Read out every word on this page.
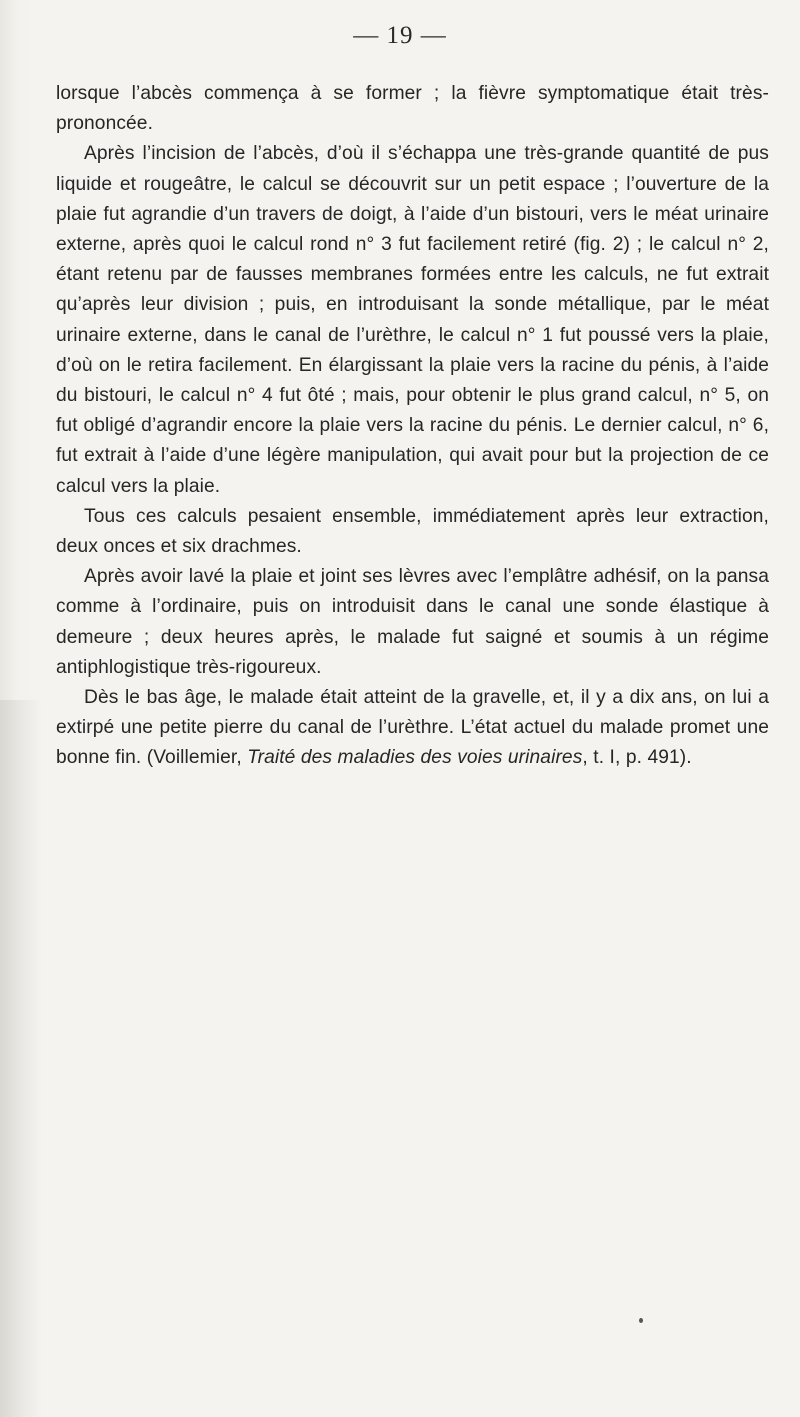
— 19 —

lorsque l’abcès commença à se former ; la fièvre symptomatique était très-prononcée.

Après l’incision de l’abcès, d’où il s’échappa une très-grande quantité de pus liquide et rougeâtre, le calcul se découvrit sur un petit espace ; l’ouverture de la plaie fut agrandie d’un travers de doigt, à l’aide d’un bistouri, vers le méat urinaire externe, après quoi le calcul rond n° 3 fut facilement retiré (fig. 2) ; le calcul n° 2, étant retenu par de fausses membranes formées entre les calculs, ne fut extrait qu’après leur division ; puis, en introduisant la sonde métallique, par le méat urinaire externe, dans le canal de l’urèthre, le calcul n° 1 fut poussé vers la plaie, d’où on le retira facilement. En élargissant la plaie vers la racine du pénis, à l’aide du bistouri, le calcul n° 4 fut ôté ; mais, pour obtenir le plus grand calcul, n° 5, on fut obligé d’agrandir encore la plaie vers la racine du pénis. Le dernier calcul, n° 6, fut extrait à l’aide d’une légère manipulation, qui avait pour but la projection de ce calcul vers la plaie.

Tous ces calculs pesaient ensemble, immédiatement après leur extraction, deux onces et six drachmes.

Après avoir lavé la plaie et joint ses lèvres avec l’emplâtre adhésif, on la pansa comme à l’ordinaire, puis on introduisit dans le canal une sonde élastique à demeure ; deux heures après, le malade fut saigné et soumis à un régime antiphlogistique très-rigoureux.

Dès le bas âge, le malade était atteint de la gravelle, et, il y a dix ans, on lui a extirpé une petite pierre du canal de l’urèthre. L’état actuel du malade promet une bonne fin. (Voillemier, Traité des maladies des voies urinaires, t. I, p. 491).
